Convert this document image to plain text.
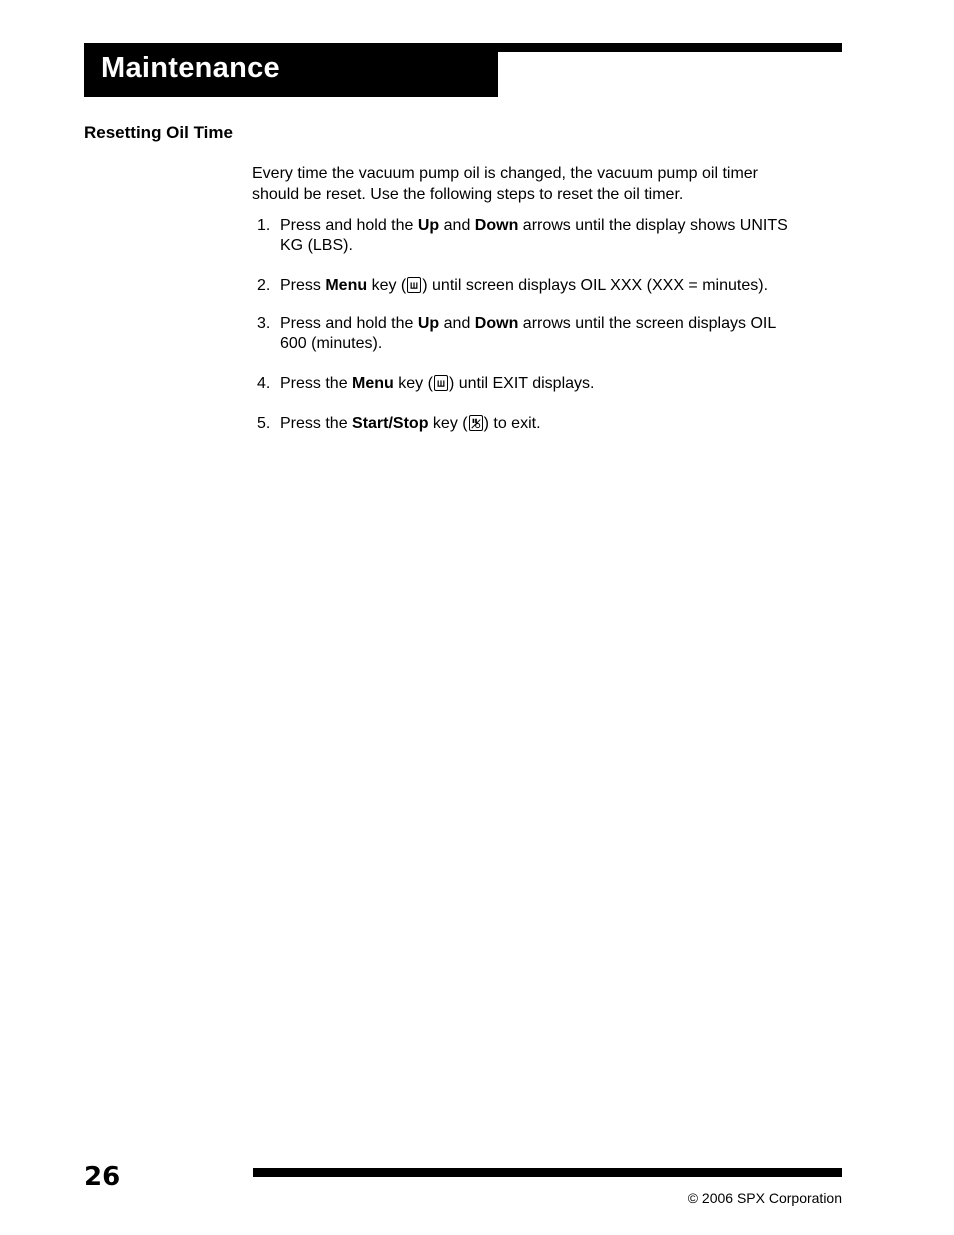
Maintenance
Resetting Oil Time
Every time the vacuum pump oil is changed, the vacuum pump oil timer
should be reset. Use the following steps to reset the oil timer.
1. Press and hold the Up and Down arrows until the display shows UNITS
KG (LBS).
2. Press Menu key ( ) until screen displays OIL XXX (XXX = minutes).
3. Press and hold the Up and Down arrows until the screen displays OIL
600 (minutes).
4. Press the Menu key ( ) until EXIT displays.
5. Press the Start/Stop key ( ) to exit.
26
© 2006 SPX Corporation
